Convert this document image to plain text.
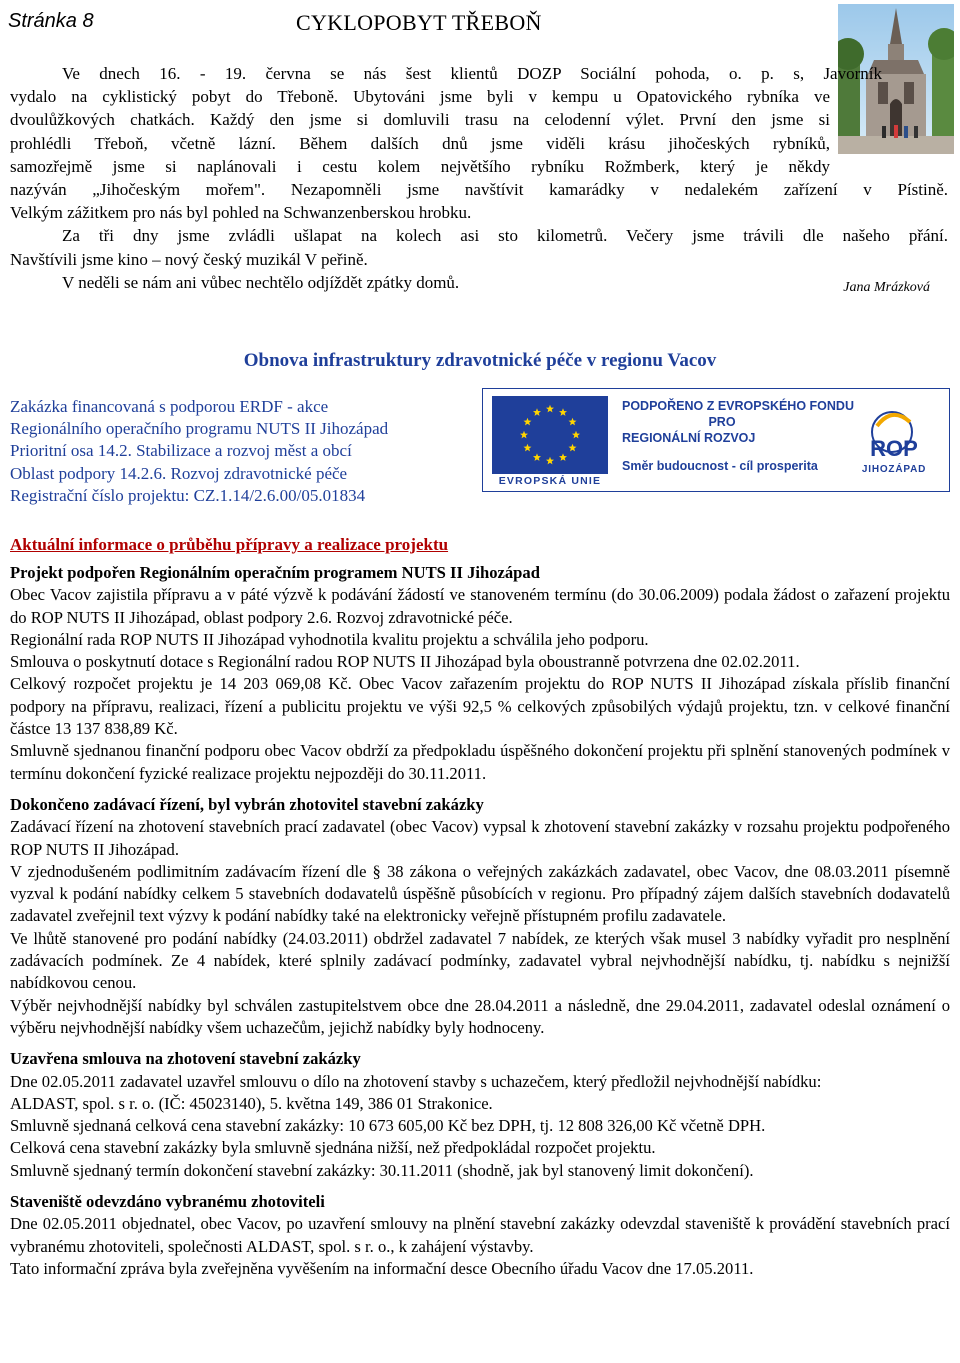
Stránka 8	CYKLOPOBYT TŘEBOŇ
Ve dnech 16. - 19. června se nás šest klientů DOZP Sociální pohoda, o. p. s, Javorník
vydalo na cyklistický pobyt do Třeboně. Ubytováni jsme byli v kempu u Opatovického rybníka ve
dvoulůžkových chatkách. Každý den jsme si domluvili trasu na celodenní výlet. První den jsme si
prohlédli Třeboň, včetně lázní. Během dalších dnů jsme viděli krásu jihočeských rybníků,
samozřejmě jsme si naplánovali i cestu kolem největšího rybníku Rožmberk, který je někdy
nazýván „Jihočeským mořem". Nezapomněli jsme navštívit kamarádky v nedalekém zařízení v Pístině.
Velkým zážitkem pro nás byl pohled na Schwanzenberskou hrobku.
Za tři dny jsme zvládli ušlapat na kolech asi sto kilometrů. Večery jsme trávili dle našeho přání.
Navštívili jsme kino – nový český muzikál V peřině.
V neděli se nám ani vůbec nechtělo odjíždět zpátky domů.	Jana Mrázková
Obnova infrastruktury zdravotnické péče v regionu Vacov
Zakázka financovaná s podporou ERDF - akce
Regionálního operačního programu NUTS II Jihozápad
Prioritní osa 14.2. Stabilizace a rozvoj měst a obcí
Oblast podpory 14.2.6. Rozvoj zdravotnické péče
Registrační číslo projektu: CZ.1.14/2.6.00/05.01834
EVROPSKÁ UNIE
PODPOŘENO Z EVROPSKÉHO FONDU
PRO
REGIONÁLNÍ ROZVOJ
Směr budoucnost - cíl prosperita
ROP
JIHOZÁPAD
Aktuální informace o průběhu přípravy a realizace projektu

Projekt podpořen Regionálním operačním programem NUTS II Jihozápad

Obec Vacov zajistila přípravu a v páté výzvě k podávání žádostí ve stanoveném termínu (do 30.06.2009) podala žádost o zařazení projektu do ROP NUTS II Jihozápad, oblast podpory 2.6. Rozvoj zdravotnické péče.

Regionální rada ROP NUTS II Jihozápad vyhodnotila kvalitu projektu a schválila jeho podporu.

Smlouva o poskytnutí dotace s Regionální radou ROP NUTS II Jihozápad byla oboustranně potvrzena dne 02.02.2011.

Celkový rozpočet projektu je 14 203 069,08 Kč. Obec Vacov zařazením projektu do ROP NUTS II Jihozápad získala příslib finanční podpory na přípravu, realizaci, řízení a publicitu projektu ve výši 92,5 % celkových způsobilých výdajů projektu, tzn. v celkové finanční částce 13 137 838,89 Kč.

Smluvně sjednanou finanční podporu obec Vacov obdrží za předpokladu úspěšného dokončení projektu při splnění stanovených podmínek v termínu dokončení fyzické realizace projektu nejpozději do 30.11.2011.

Dokončeno zadávací řízení, byl vybrán zhotovitel stavební zakázky

Zadávací řízení na zhotovení stavebních prací zadavatel (obec Vacov) vypsal k zhotovení stavební zakázky v rozsahu projektu podpořeného ROP NUTS II Jihozápad.

V zjednodušeném podlimitním zadávacím řízení dle § 38 zákona o veřejných zakázkách zadavatel, obec Vacov, dne 08.03.2011 písemně vyzval k podání nabídky celkem 5 stavebních dodavatelů úspěšně působících v regionu. Pro případný zájem dalších stavebních dodavatelů zadavatel zveřejnil text výzvy k podání nabídky také na elektronicky veřejně přístupném profilu zadavatele.

Ve lhůtě stanovené pro podání nabídky (24.03.2011) obdržel zadavatel 7 nabídek, ze kterých však musel 3 nabídky vyřadit pro nesplnění zadávacích podmínek. Ze 4 nabídek, které splnily zadávací podmínky, zadavatel vybral nejvhodnější nabídku, tj. nabídku s nejnižší nabídkovou cenou.

Výběr nejvhodnější nabídky byl schválen zastupitelstvem obce dne 28.04.2011 a následně, dne 29.04.2011, zadavatel odeslal oznámení o výběru nejvhodnější nabídky všem uchazečům, jejichž nabídky byly hodnoceny.

Uzavřena smlouva na zhotovení stavební zakázky

Dne 02.05.2011 zadavatel uzavřel smlouvu o dílo na zhotovení stavby s uchazečem, který předložil nejvhodnější nabídku:

ALDAST, spol. s r. o. (IČ: 45023140), 5. května 149, 386 01 Strakonice.

Smluvně sjednaná celková cena stavební zakázky: 10 673 605,00 Kč bez DPH, tj. 12 808 326,00 Kč včetně DPH.

Celková cena stavební zakázky byla smluvně sjednána nižší, než předpokládal rozpočet projektu.

Smluvně sjednaný termín dokončení stavební zakázky: 30.11.2011 (shodně, jak byl stanovený limit dokončení).

Staveniště odevzdáno vybranému zhotoviteli

Dne 02.05.2011 objednatel, obec Vacov, po uzavření smlouvy na plnění stavební zakázky odevzdal staveniště k provádění stavebních prací vybranému zhotoviteli, společnosti ALDAST, spol. s r. o., k zahájení výstavby.

Tato informační zpráva byla zveřejněna vyvěšením na informační desce Obecního úřadu Vacov dne 17.05.2011.
